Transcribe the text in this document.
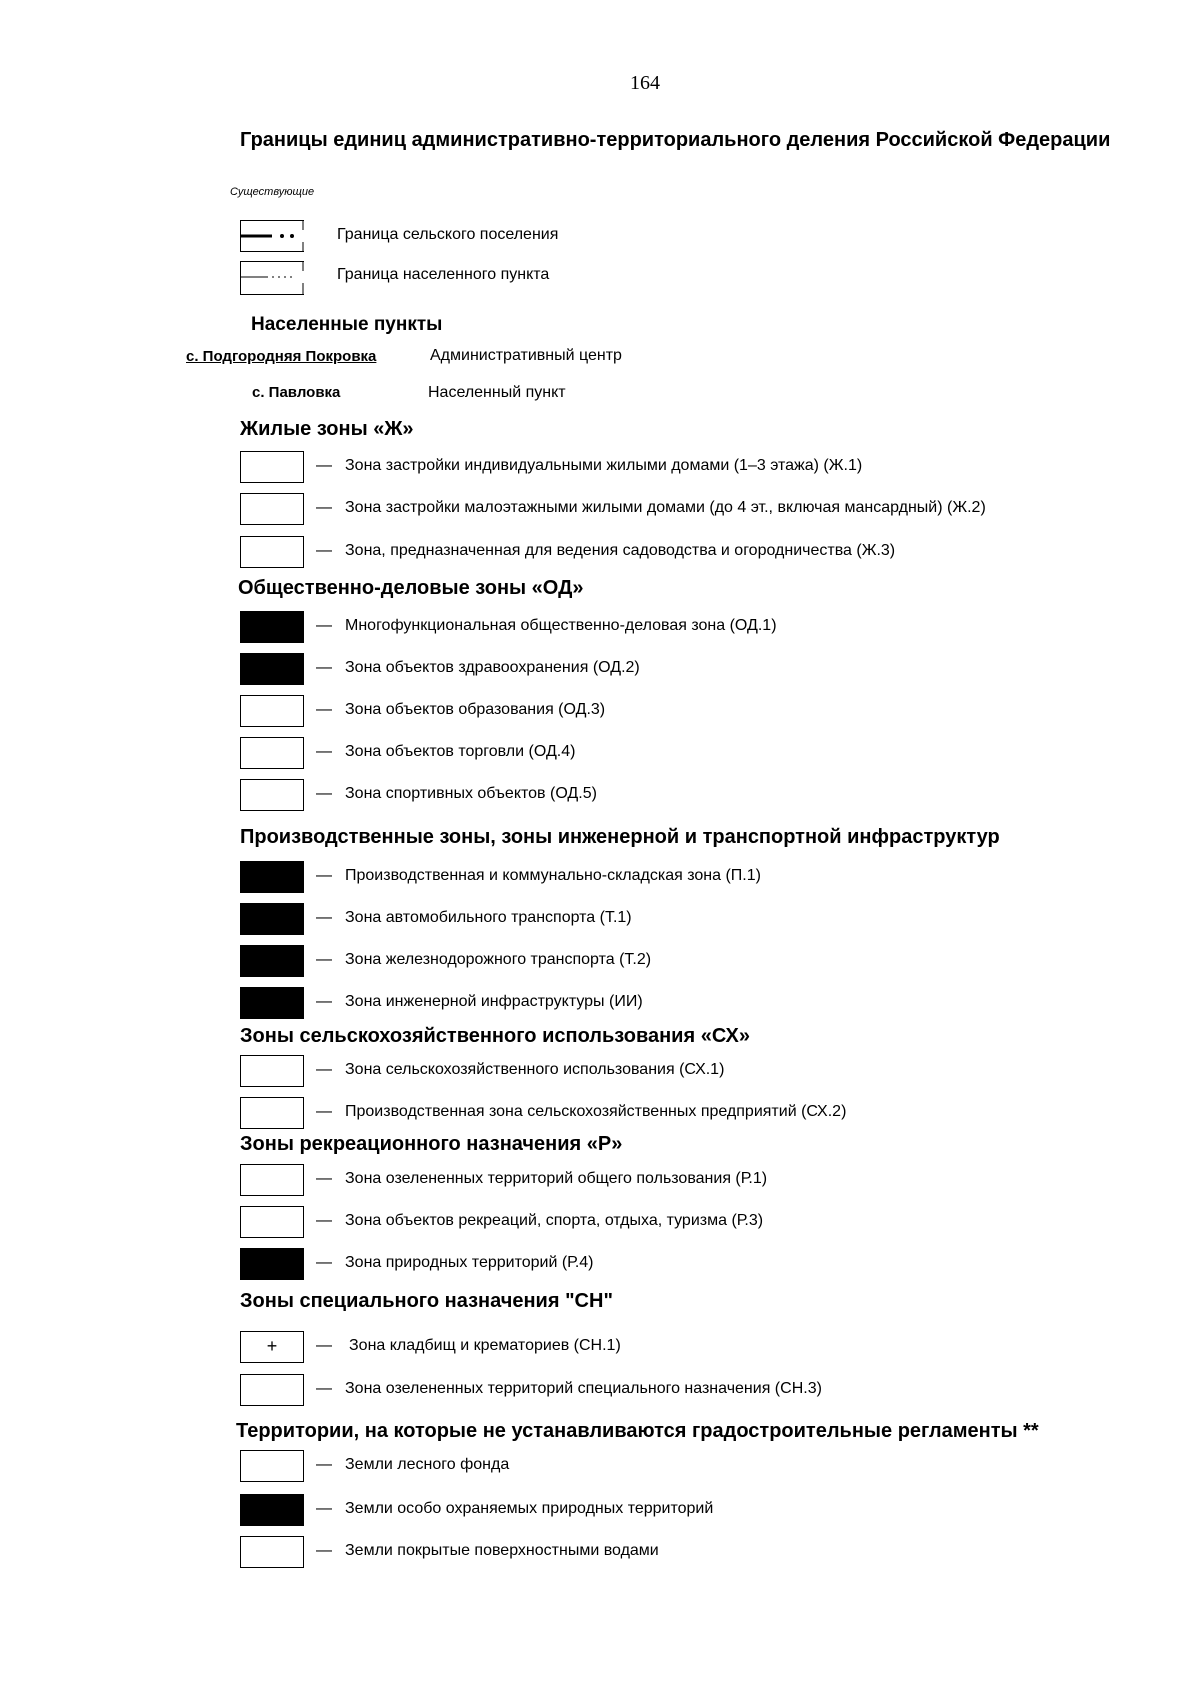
164
Границы единиц административно-территориального деления Российской Федерации
Существующие
Граница сельского поселения
Граница населенного пункта
Населенные пункты
с. Подгородняя Покровка	Административный центр
с. Павловка	Населенный пункт
Жилые зоны «Ж»
— Зона застройки индивидуальными жилыми домами (1–3 этажа) (Ж.1)
— Зона застройки малоэтажными жилыми домами (до 4 эт., включая мансардный) (Ж.2)
— Зона, предназначенная для ведения садоводства и огородничества (Ж.3)
Общественно-деловые зоны «ОД»
— Многофункциональная общественно-деловая зона (ОД.1)
— Зона объектов здравоохранения (ОД.2)
— Зона объектов образования (ОД.3)
— Зона объектов торговли (ОД.4)
— Зона спортивных объектов (ОД.5)
Производственные зоны, зоны инженерной и транспортной инфраструктур
— Производственная и коммунально-складская зона (П.1)
— Зона автомобильного транспорта (Т.1)
— Зона железнодорожного транспорта (Т.2)
— Зона инженерной инфраструктуры (ИИ)
Зоны сельскохозяйственного использования «СХ»
— Зона сельскохозяйственного использования (СХ.1)
— Производственная зона сельскохозяйственных предприятий (СХ.2)
Зоны рекреационного назначения «Р»
— Зона озелененных территорий общего пользования (Р.1)
— Зона объектов рекреаций, спорта, отдыха, туризма (Р.3)
— Зона природных территорий (Р.4)
Зоны специального назначения "СН"
+	— Зона кладбищ и крематориев (СН.1)
— Зона озелененных территорий специального назначения (СН.3)
Территории, на которые не устанавливаются градостроительные регламенты **
— Земли лесного фонда
— Земли особо охраняемых природных территорий
— Земли покрытые поверхностными водами
